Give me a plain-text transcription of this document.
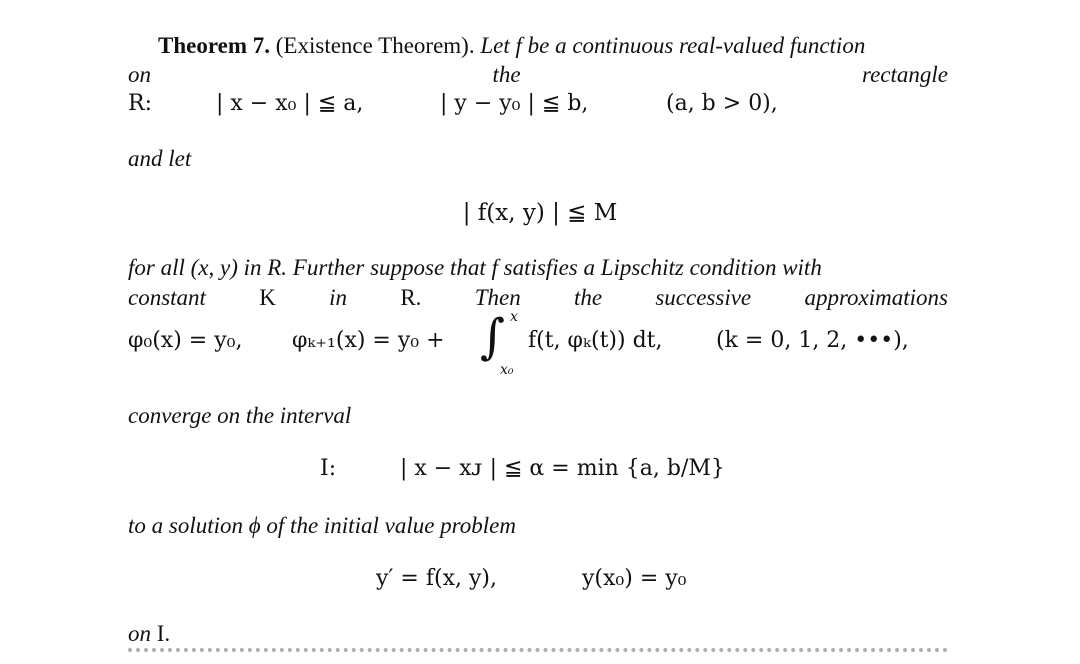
Theorem 7. (Existence Theorem). Let f be a continuous real-valued function
on	the	rectangle
R:	| x − x₀ | ≦ a,	| y − y₀ | ≦ b,	(a, b > 0),
and let
| f(x, y) | ≦ M
for all (x, y) in R. Further suppose that f satisfies a Lipschitz condition with
constant K in R. Then the successive approximations
φ₀(x) = y₀, φₖ₊₁(x) = y₀ + ∫ x
x₀
f(t, φₖ(t)) dt, (k = 0, 1, 2, •••),
converge on the interval
I:	| x − xᴊ | ≦ α = min {a, b/M}
to a solution ϕ of the initial value problem
y′ = f(x, y),	y(x₀) = y₀
on I.
